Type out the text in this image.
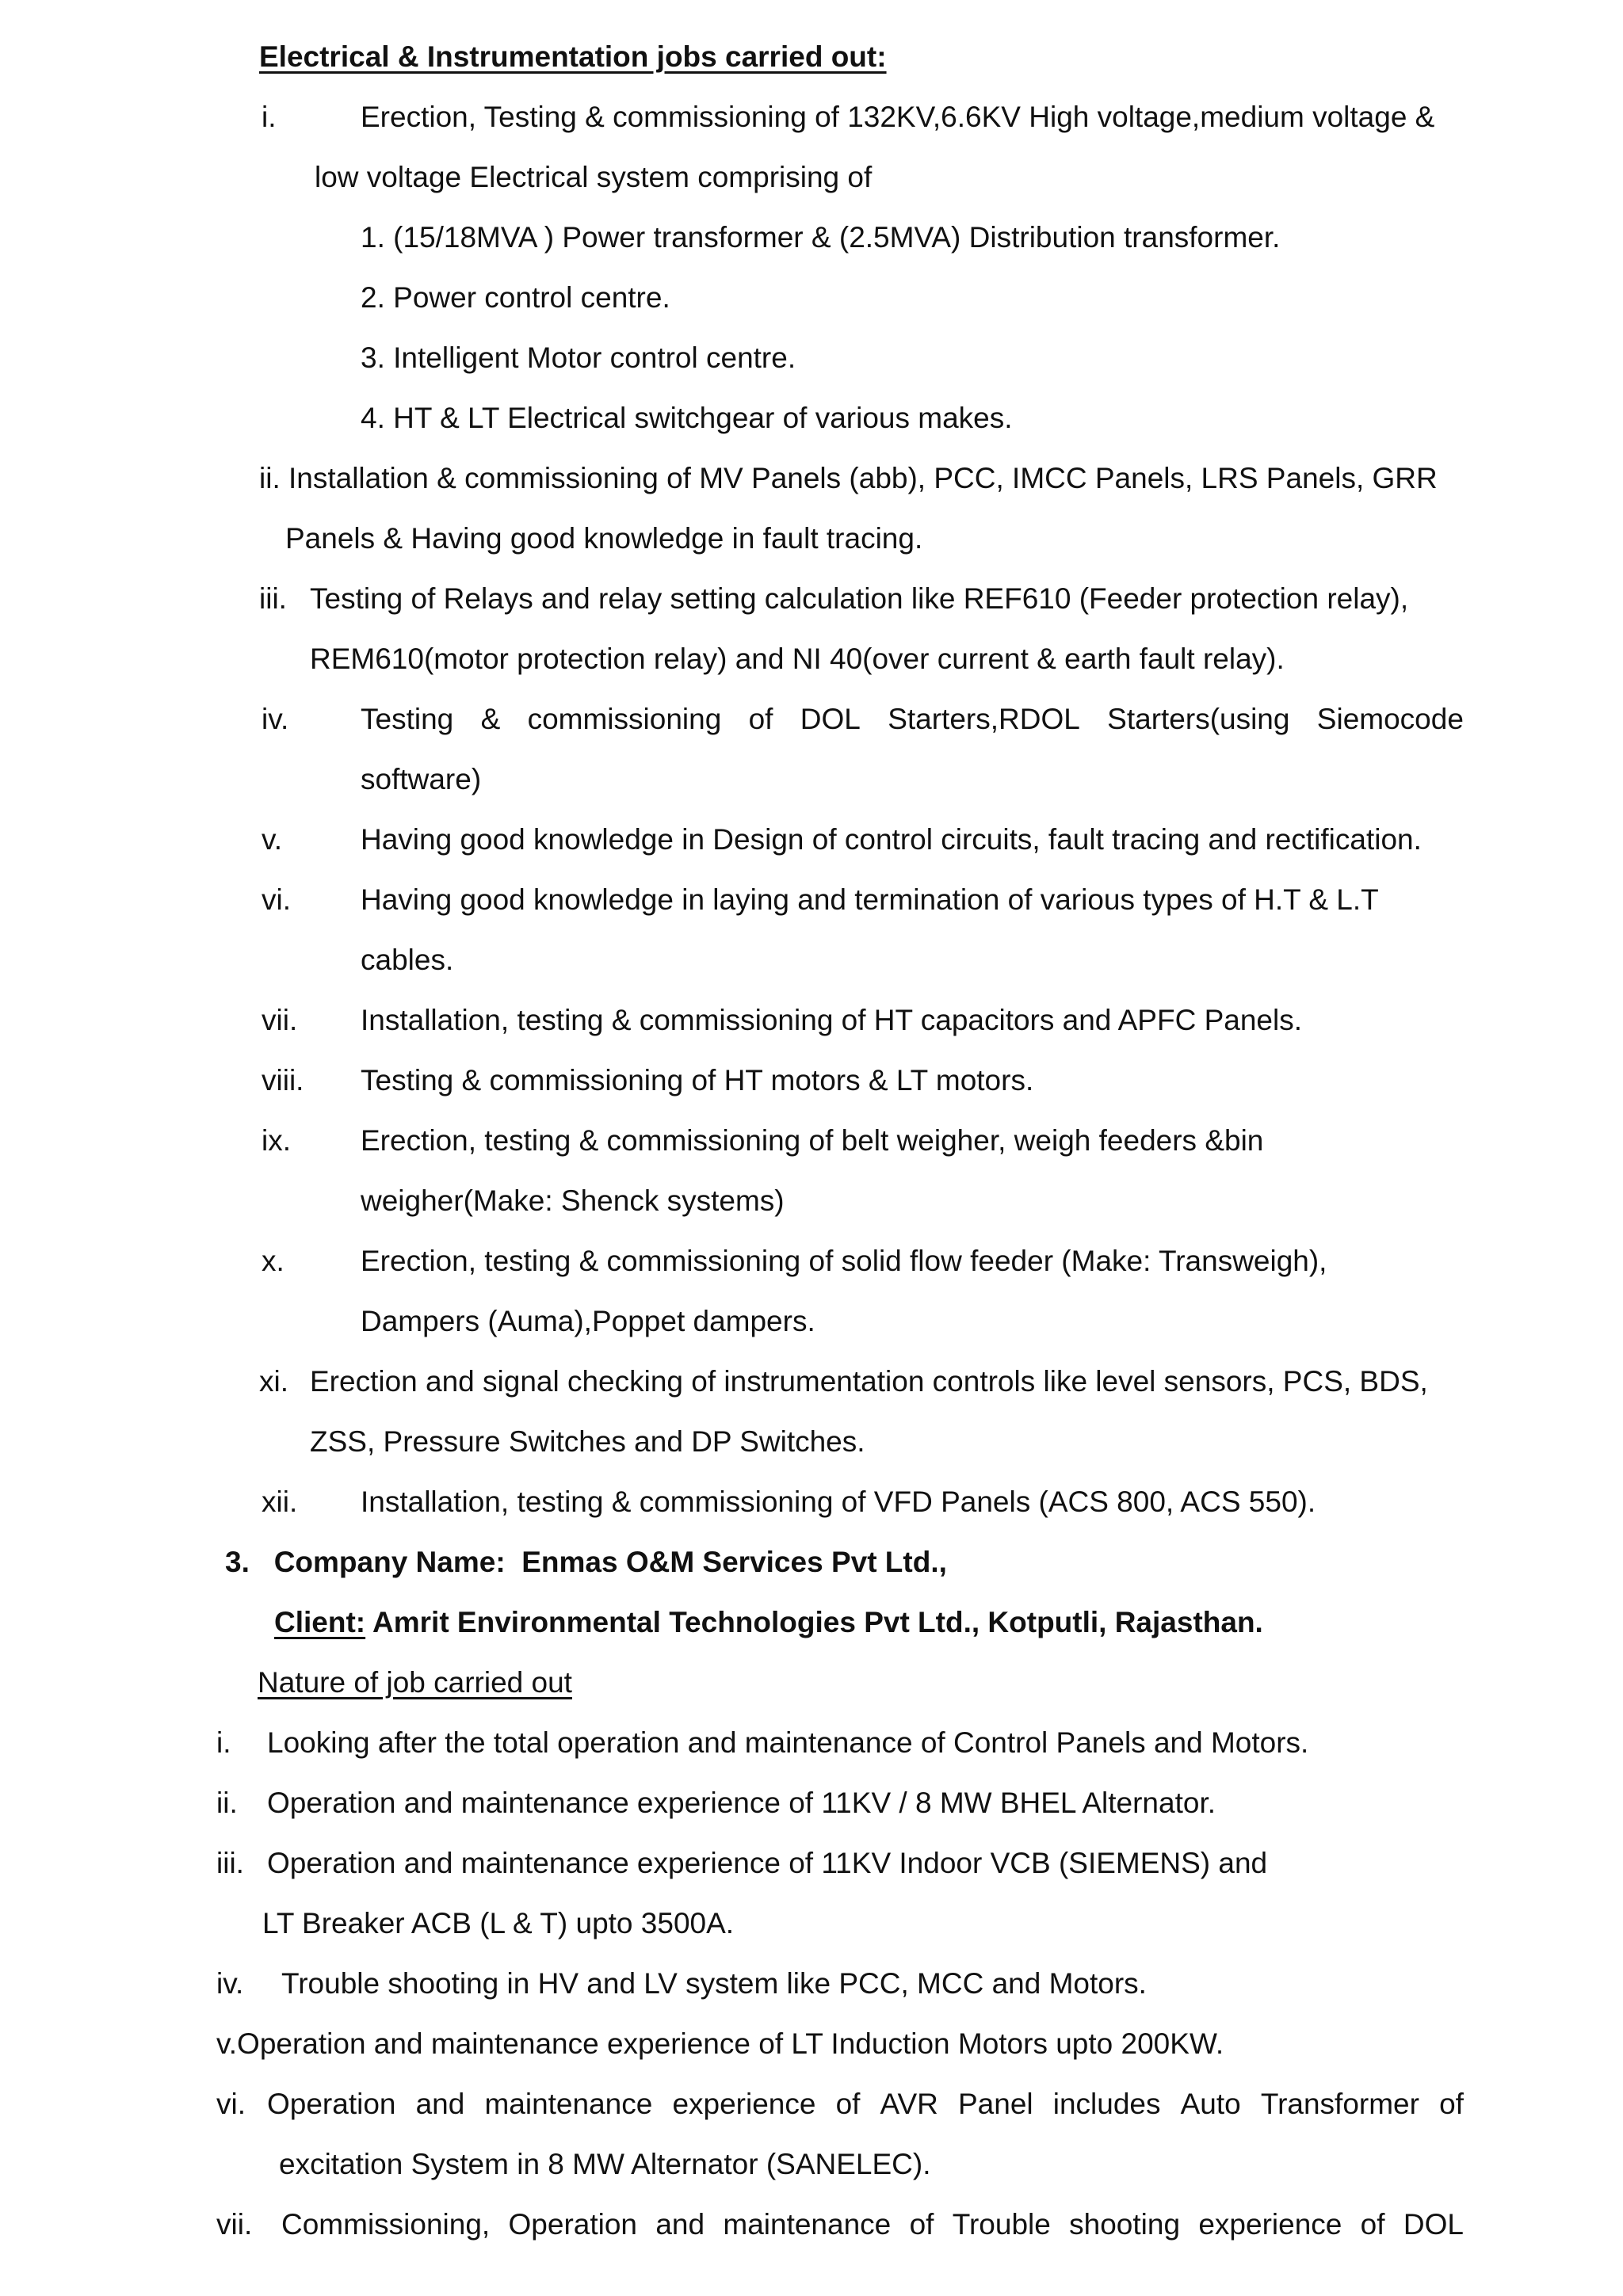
Electrical & Instrumentation jobs carried out:
i.	Erection, Testing & commissioning of 132KV,6.6KV High voltage,medium voltage &
low voltage Electrical system comprising of
1. (15/18MVA ) Power transformer & (2.5MVA) Distribution transformer.
2. Power control centre.
3. Intelligent Motor control centre.
4. HT & LT Electrical switchgear of various makes.
ii. Installation & commissioning of MV Panels (abb), PCC, IMCC Panels, LRS Panels, GRR
Panels & Having good knowledge in fault tracing.
iii. Testing of Relays and relay setting calculation like REF610 (Feeder protection relay),
REM610(motor protection relay) and NI 40(over current & earth fault relay).
iv. Testing & commissioning of DOL Starters,RDOL Starters(using Siemocode
software)
v.	Having good knowledge in Design of control circuits, fault tracing and rectification.
vi. Having good knowledge in laying and termination of various types of H.T & L.T
cables.
vii. Installation, testing & commissioning of HT capacitors and APFC Panels.
viii. Testing & commissioning of HT motors & LT motors.
ix. Erection, testing & commissioning of belt weigher, weigh feeders &bin
weigher(Make: Shenck systems)
x.	Erection, testing & commissioning of solid flow feeder (Make: Transweigh),
Dampers (Auma),Poppet dampers.
xi. Erection and signal checking of instrumentation controls like level sensors, PCS, BDS,
ZSS, Pressure Switches and DP Switches.
xii. Installation, testing & commissioning of VFD Panels (ACS 800, ACS 550).
3.   Company Name:  Enmas O&M Services Pvt Ltd.,
Client: Amrit Environmental Technologies Pvt Ltd., Kotputli, Rajasthan.
Nature of job carried out
i. Looking after the total operation and maintenance of Control Panels and Motors.
ii. Operation and maintenance experience of 11KV / 8 MW BHEL Alternator.
iii. Operation and maintenance experience of 11KV Indoor VCB (SIEMENS) and
LT Breaker ACB (L & T) upto 3500A.
iv. Trouble shooting in HV and LV system like PCC, MCC and Motors.
v.Operation and maintenance experience of LT Induction Motors upto 200KW.
vi. Operation and maintenance experience of AVR Panel includes Auto Transformer of
excitation System in 8 MW Alternator (SANELEC).
vii. Commissioning, Operation and maintenance of Trouble shooting experience of DOL
